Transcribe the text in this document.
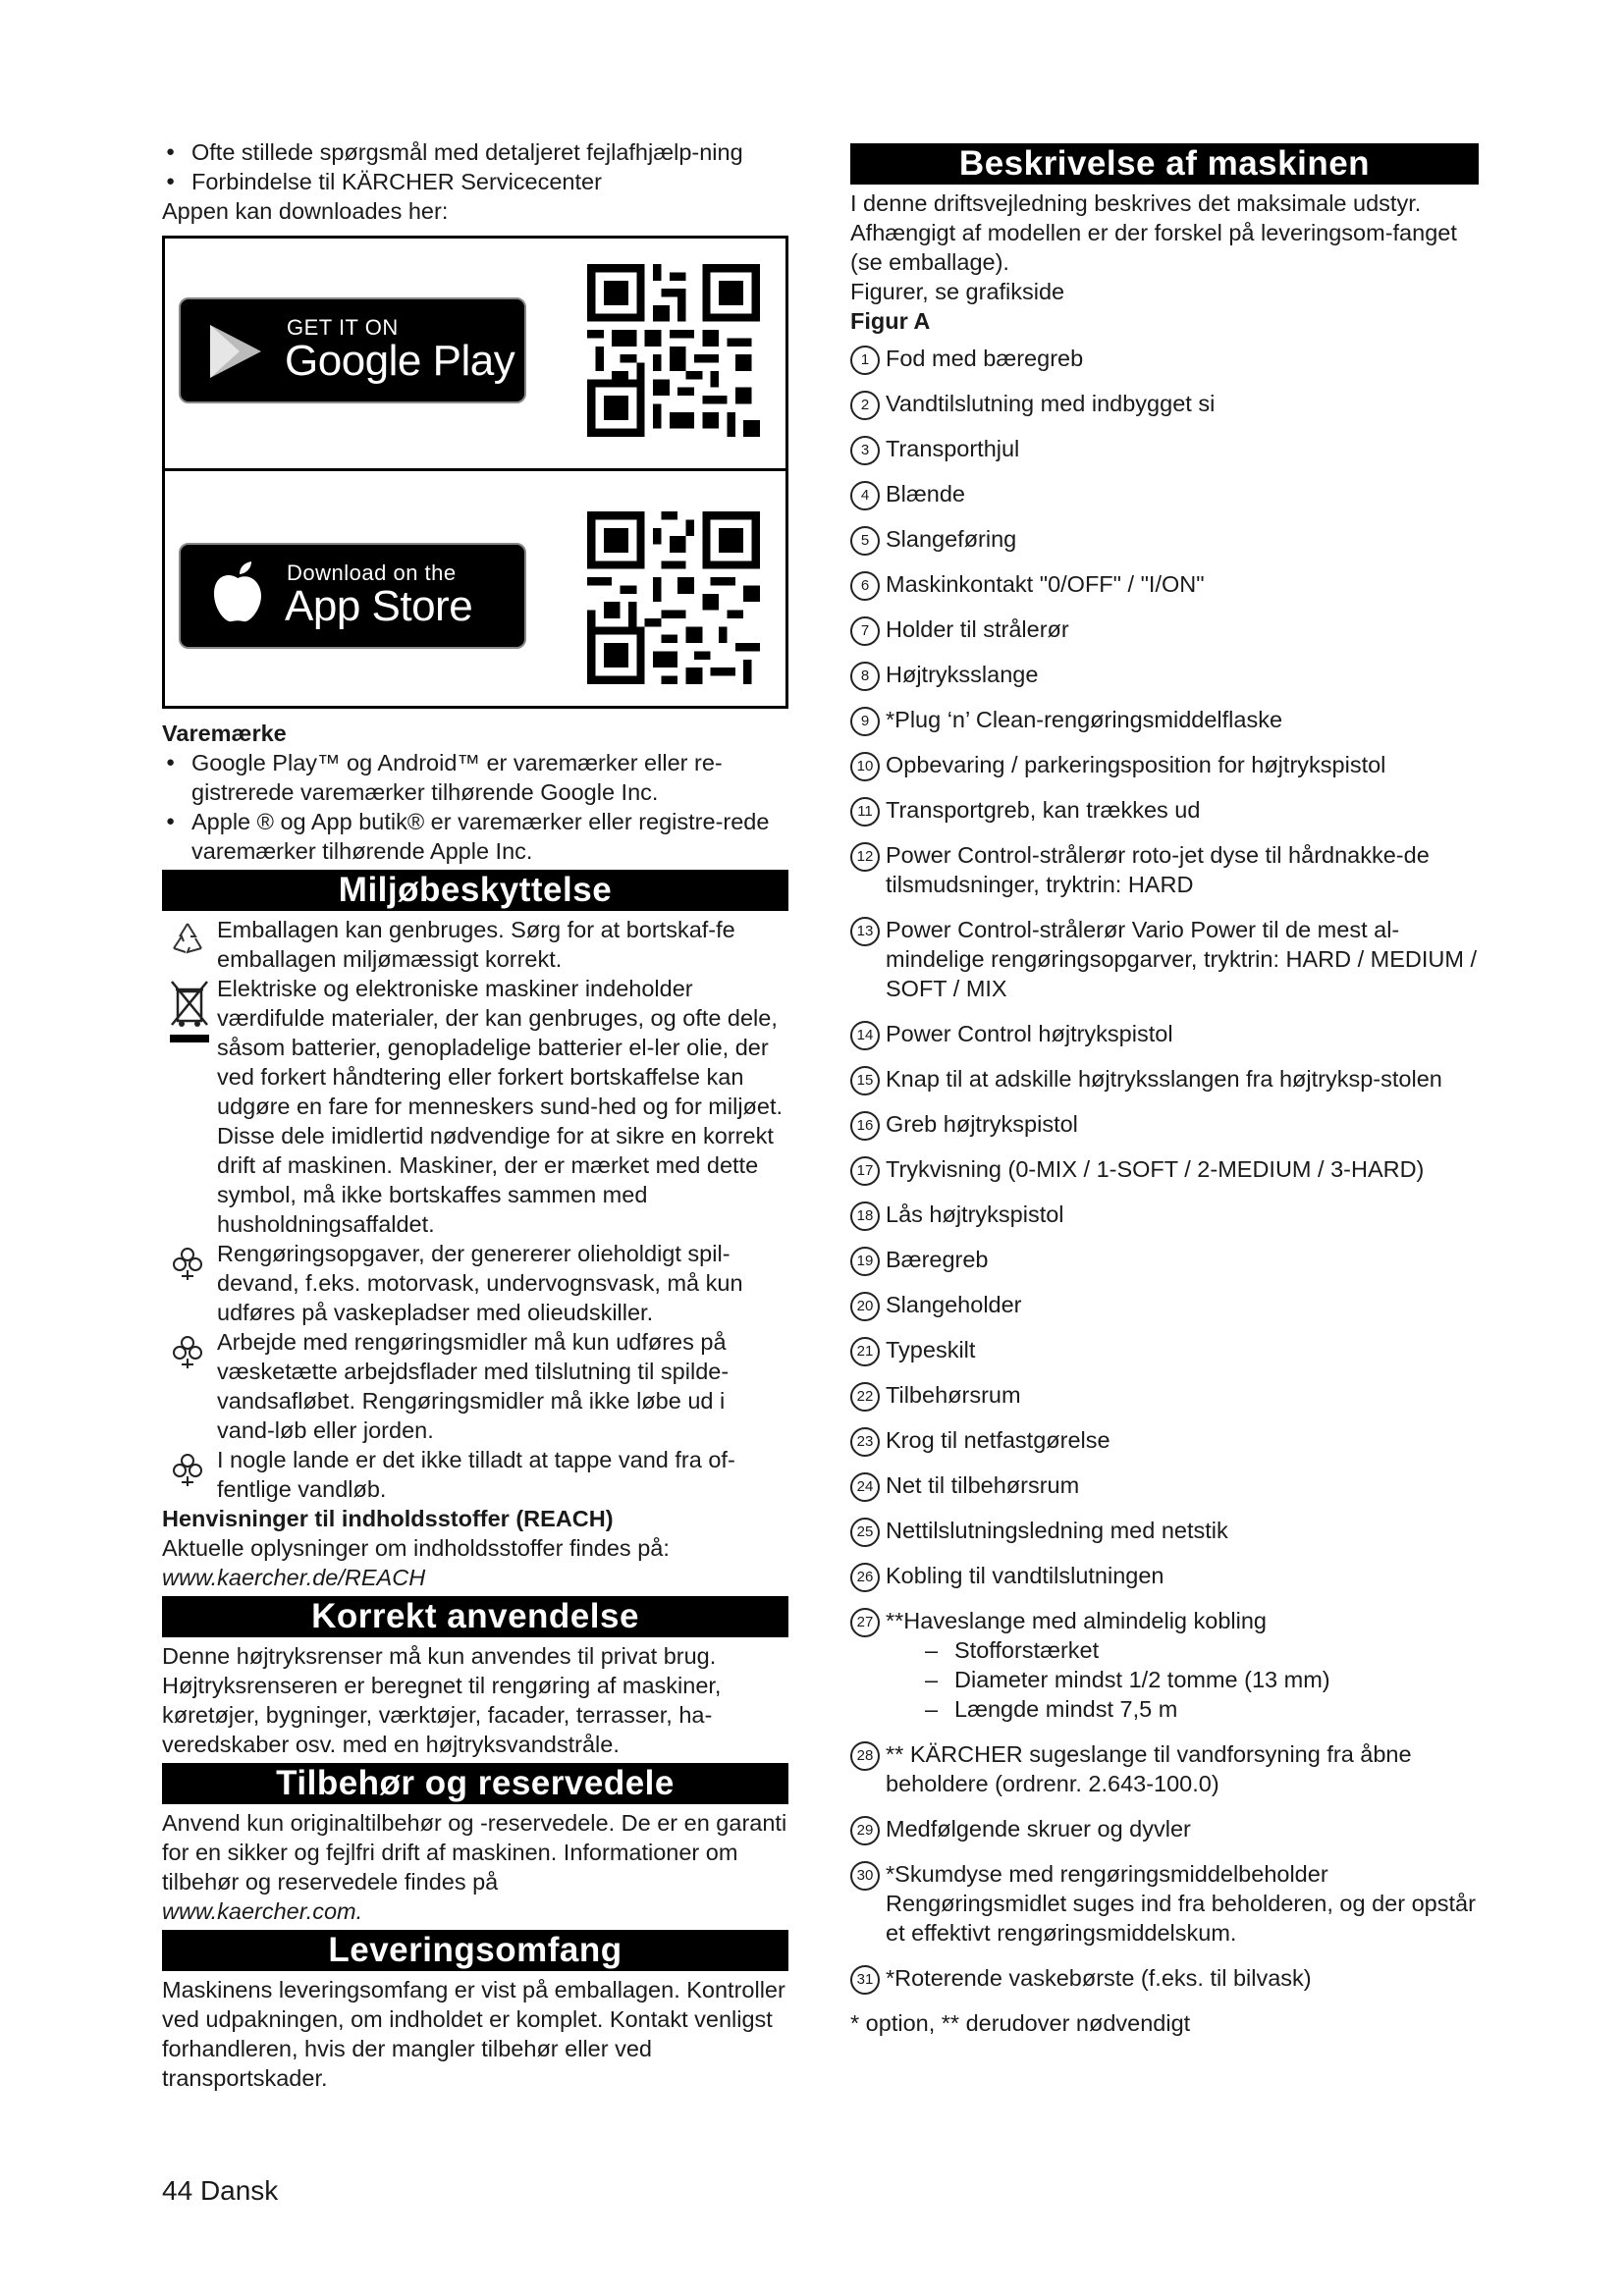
● Ofte stillede spørgsmål med detaljeret fejlafhjælp-ning
● Forbindelse til KÄRCHER Servicecenter

Appen kan downloades her:

GET IT ON
Google Play
Download on the
App Store

Varemærke

● Google Play™ og Android™ er varemærker eller re-gistrerede varemærker tilhørende Google Inc.
● Apple ® og App butik® er varemærker eller registre-rede varemærker tilhørende Apple Inc.
Miljøbeskyttelse
Emballagen kan genbruges. Sørg for at bortskaf-fe emballagen miljømæssigt korrekt.
Elektriske og elektroniske maskiner indeholder værdifulde materialer, der kan genbruges, og ofte dele, såsom batterier, genopladelige batterier el-ler olie, der ved forkert håndtering eller forkert bortskaffelse kan udgøre en fare for menneskers sund-hed og for miljøet. Disse dele imidlertid nødvendige for at sikre en korrekt drift af maskinen. Maskiner, der er mærket med dette symbol, må ikke bortskaffes sammen med husholdningsaffaldet.
Rengøringsopgaver, der genererer olieholdigt spil-devand, f.eks. motorvask, undervognsvask, må kun udføres på vaskepladser med olieudskiller.
Arbejde med rengøringsmidler må kun udføres på væsketætte arbejdsflader med tilslutning til spilde-vandsafløbet. Rengøringsmidler må ikke løbe ud i vand-løb eller jorden.
I nogle lande er det ikke tilladt at tappe vand fra of-fentlige vandløb.

Henvisninger til indholdsstoffer (REACH)

Aktuelle oplysninger om indholdsstoffer findes på:

www.kaercher.de/REACH

Korrekt anvendelse

Denne højtryksrenser må kun anvendes til privat brug. Højtryksrenseren er beregnet til rengøring af maskiner, køretøjer, bygninger, værktøjer, facader, terrasser, ha-veredskaber osv. med en højtryksvandstråle.

Tilbehør og reservedele

Anvend kun originaltilbehør og -reservedele. De er en garanti for en sikker og fejlfri drift af maskinen. Informationer om tilbehør og reservedele findes på

www.kaercher.com.

Leveringsomfang

Maskinens leveringsomfang er vist på emballagen. Kontroller ved udpakningen, om indholdet er komplet. Kontakt venligst forhandleren, hvis der mangler tilbehør eller ved transportskader.

Beskrivelse af maskinen

I denne driftsvejledning beskrives det maksimale udstyr. Afhængigt af modellen er der forskel på leveringsom-fanget (se emballage).

Figurer, se grafikside

Figur A

1 Fod med bæregreb
2 Vandtilslutning med indbygget si
3 Transporthjul
4 Blænde
5 Slangeføring
6 Maskinkontakt "0/OFF" / "I/ON"
7 Holder til strålerør
8 Højtryksslange
9 *Plug ‘n’ Clean-rengøringsmiddelflaske
10 Opbevaring / parkeringsposition for højtrykspistol
11 Transportgreb, kan trækkes ud
12 Power Control-strålerør roto-jet dyse til hårdnakke-de tilsmudsninger, tryktrin: HARD
13 Power Control-strålerør Vario Power til de mest al-mindelige rengøringsopgarver, tryktrin: HARD / MEDIUM / SOFT / MIX
14 Power Control højtrykspistol
15 Knap til at adskille højtryksslangen fra højtryksp-stolen
16 Greb højtrykspistol
17 Trykvisning (0-MIX / 1-SOFT / 2-MEDIUM / 3-HARD)
18 Lås højtrykspistol
19 Bæregreb
20 Slangeholder
21 Typeskilt
22 Tilbehørsrum
23 Krog til netfastgørelse
24 Net til tilbehørsrum
25 Nettilslutningsledning med netstik
26 Kobling til vandtilslutningen
27 **Haveslange med almindelig kobling
– Stofforstærket
– Diameter mindst 1/2 tomme (13 mm)
– Længde mindst 7,5 m
28 ** KÄRCHER sugeslange til vandforsyning fra åbne beholdere (ordrenr. 2.643-100.0)
29 Medfølgende skruer og dyvler
30 *Skumdyse med rengøringsmiddelbeholder Rengøringsmidlet suges ind fra beholderen, og der opstår et effektivt rengøringsmiddelskum.
31 *Roterende vaskebørste (f.eks. til bilvask)

* option, ** derudover nødvendigt

44 Dansk
